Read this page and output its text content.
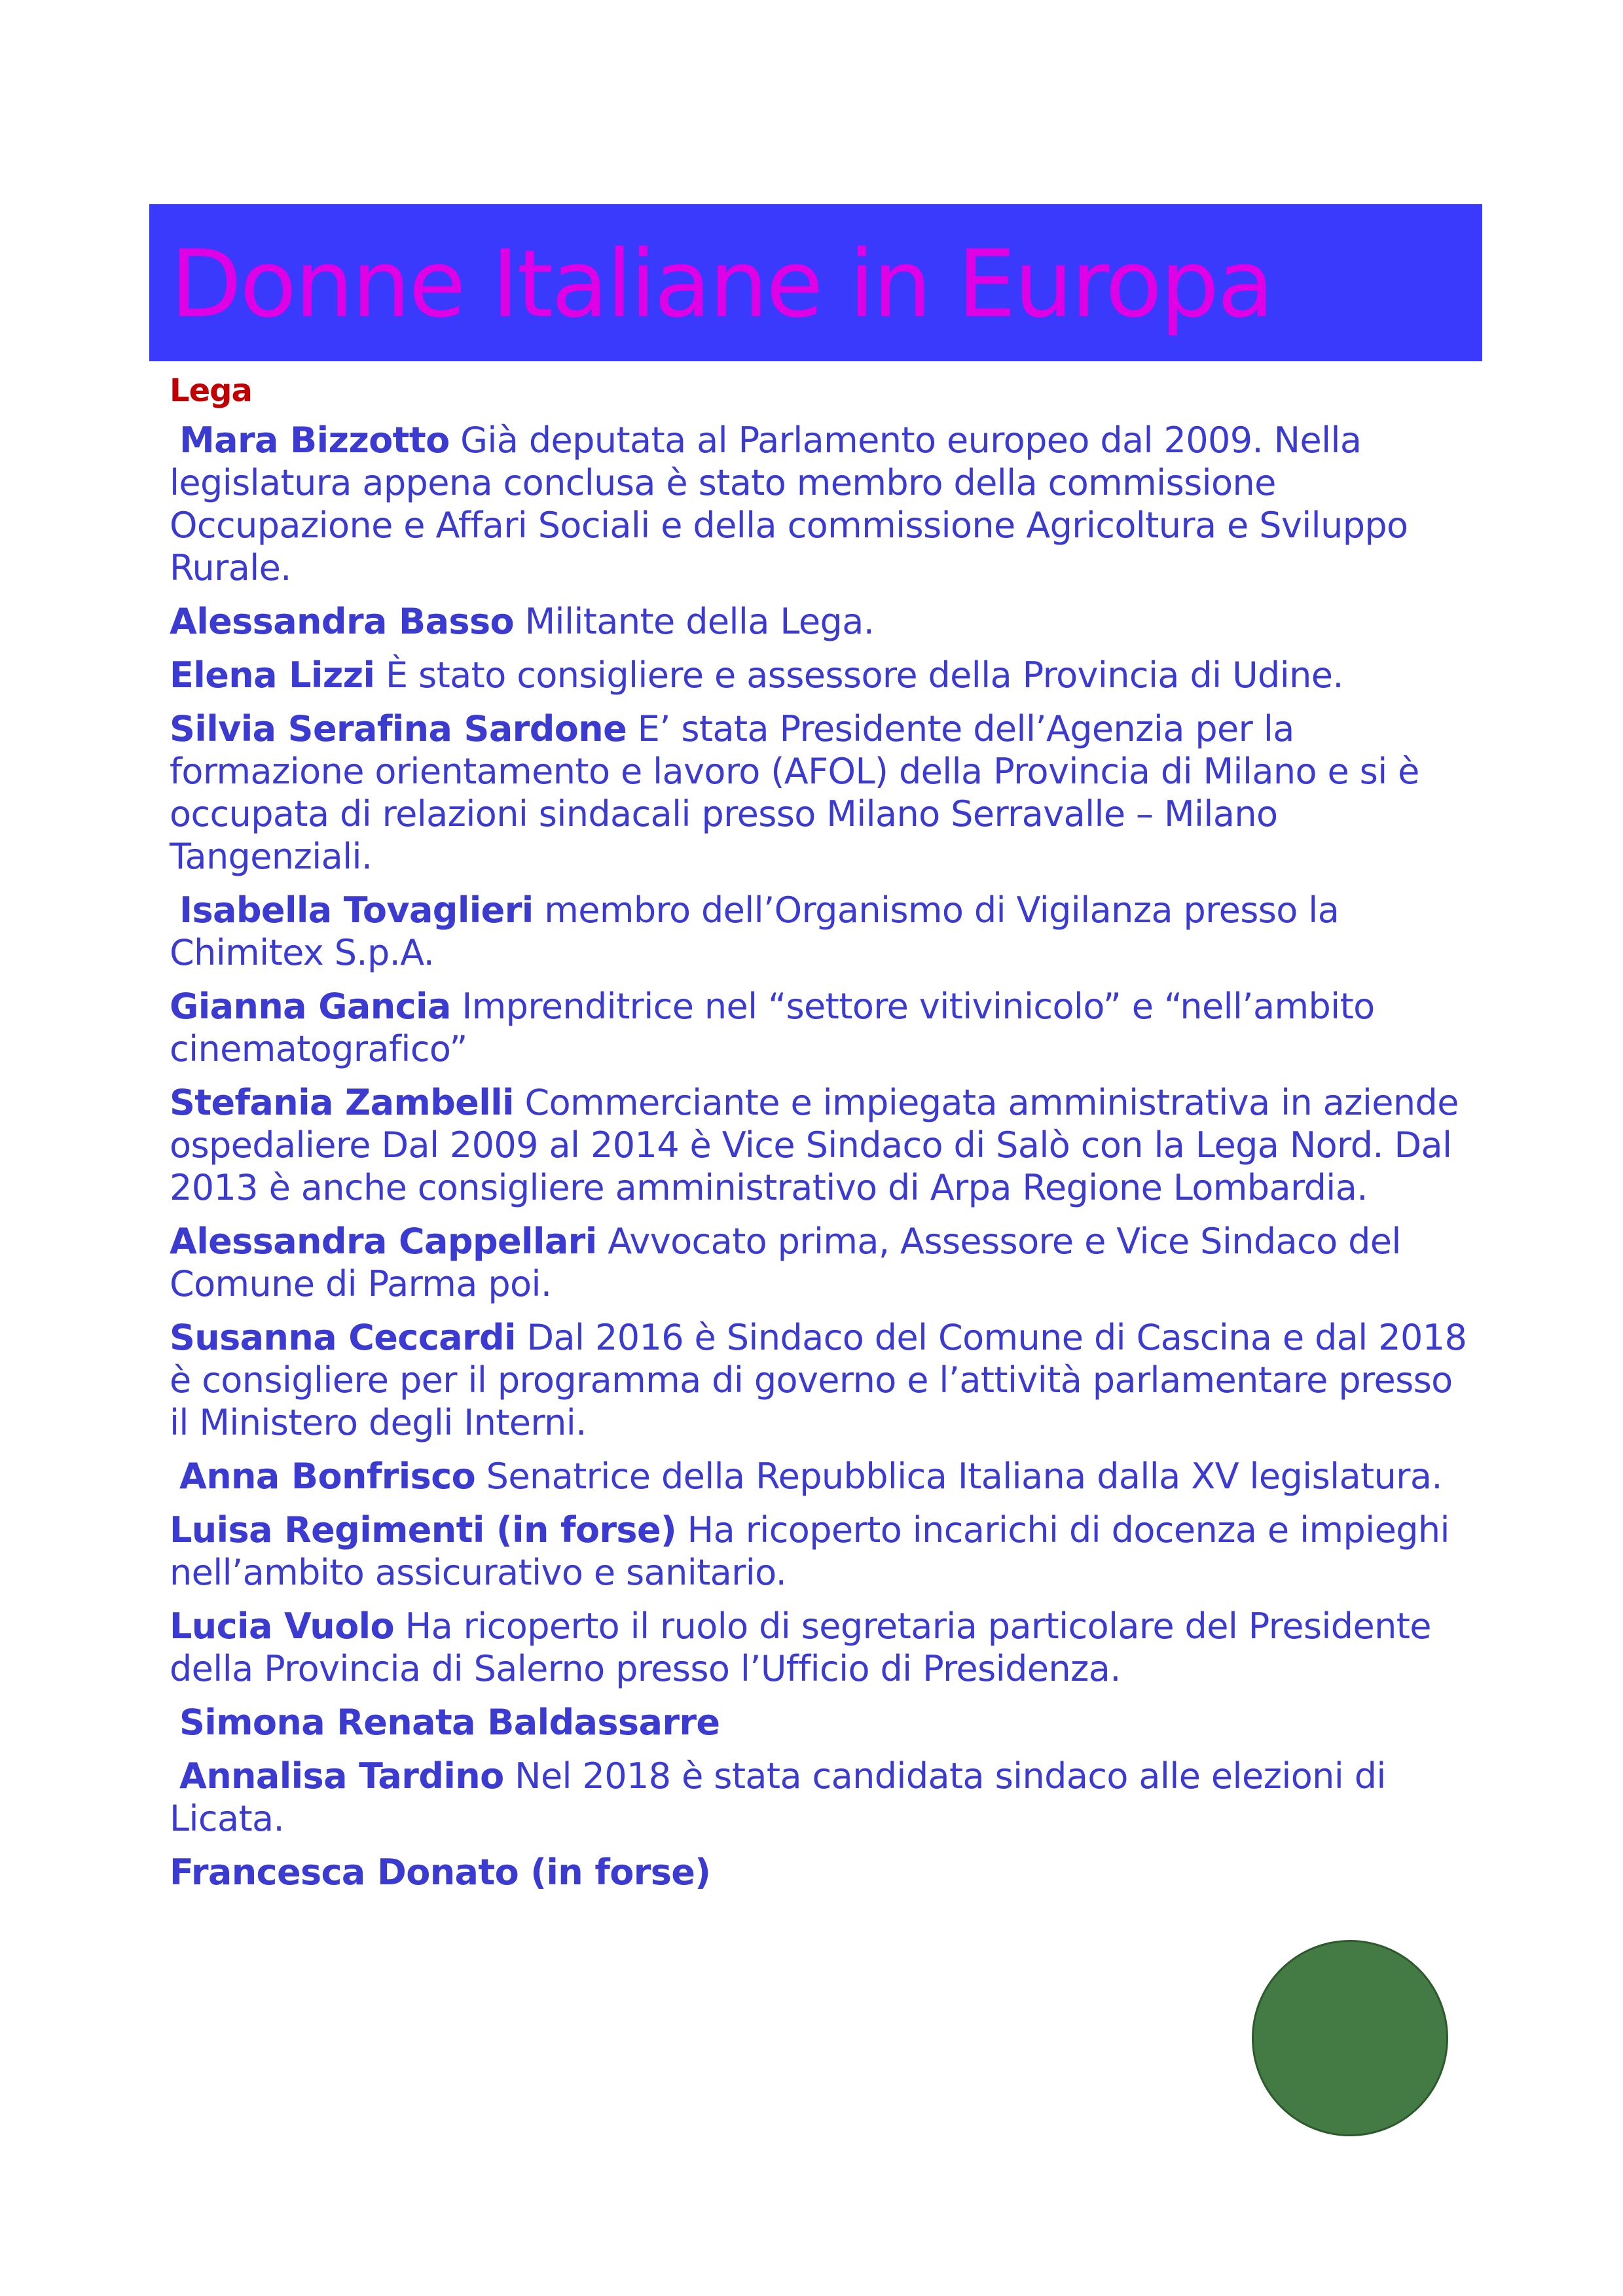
Donne Italiane in Europa
Lega

Mara Bizzotto Già deputata al Parlamento europeo dal 2009. Nella legislatura appena conclusa è stato membro della commissione Occupazione e Affari Sociali e della commissione Agricoltura e Sviluppo Rurale.

Alessandra Basso Militante della Lega.

Elena Lizzi È stato consigliere e assessore della Provincia di Udine.

Silvia Serafina Sardone E’ stata Presidente dell’Agenzia per la formazione orientamento e lavoro (AFOL) della Provincia di Milano e si è occupata di relazioni sindacali presso Milano Serravalle – Milano Tangenziali.

Isabella Tovaglieri membro dell’Organismo di Vigilanza presso la Chimitex S.p.A.

Gianna Gancia Imprenditrice nel “settore vitivinicolo” e “nell’ambito cinematografico”

Stefania Zambelli Commerciante e impiegata amministrativa in aziende ospedaliere Dal 2009 al 2014 è Vice Sindaco di Salò con la Lega Nord. Dal 2013 è anche consigliere amministrativo di Arpa Regione Lombardia.

Alessandra Cappellari Avvocato prima, Assessore e Vice Sindaco del Comune di Parma poi.

Susanna Ceccardi Dal 2016 è Sindaco del Comune di Cascina e dal 2018 è consigliere per il programma di governo e l’attività parlamentare presso il Ministero degli Interni.

Anna Bonfrisco Senatrice della Repubblica Italiana dalla XV legislatura.

Luisa Regimenti (in forse) Ha ricoperto incarichi di docenza e impieghi nell’ambito assicurativo e sanitario.

Lucia Vuolo Ha ricoperto il ruolo di segretaria particolare del Presidente della Provincia di Salerno presso l’Ufficio di Presidenza.

Simona Renata Baldassarre

Annalisa Tardino Nel 2018 è stata candidata sindaco alle elezioni di Licata.

Francesca Donato (in forse)
